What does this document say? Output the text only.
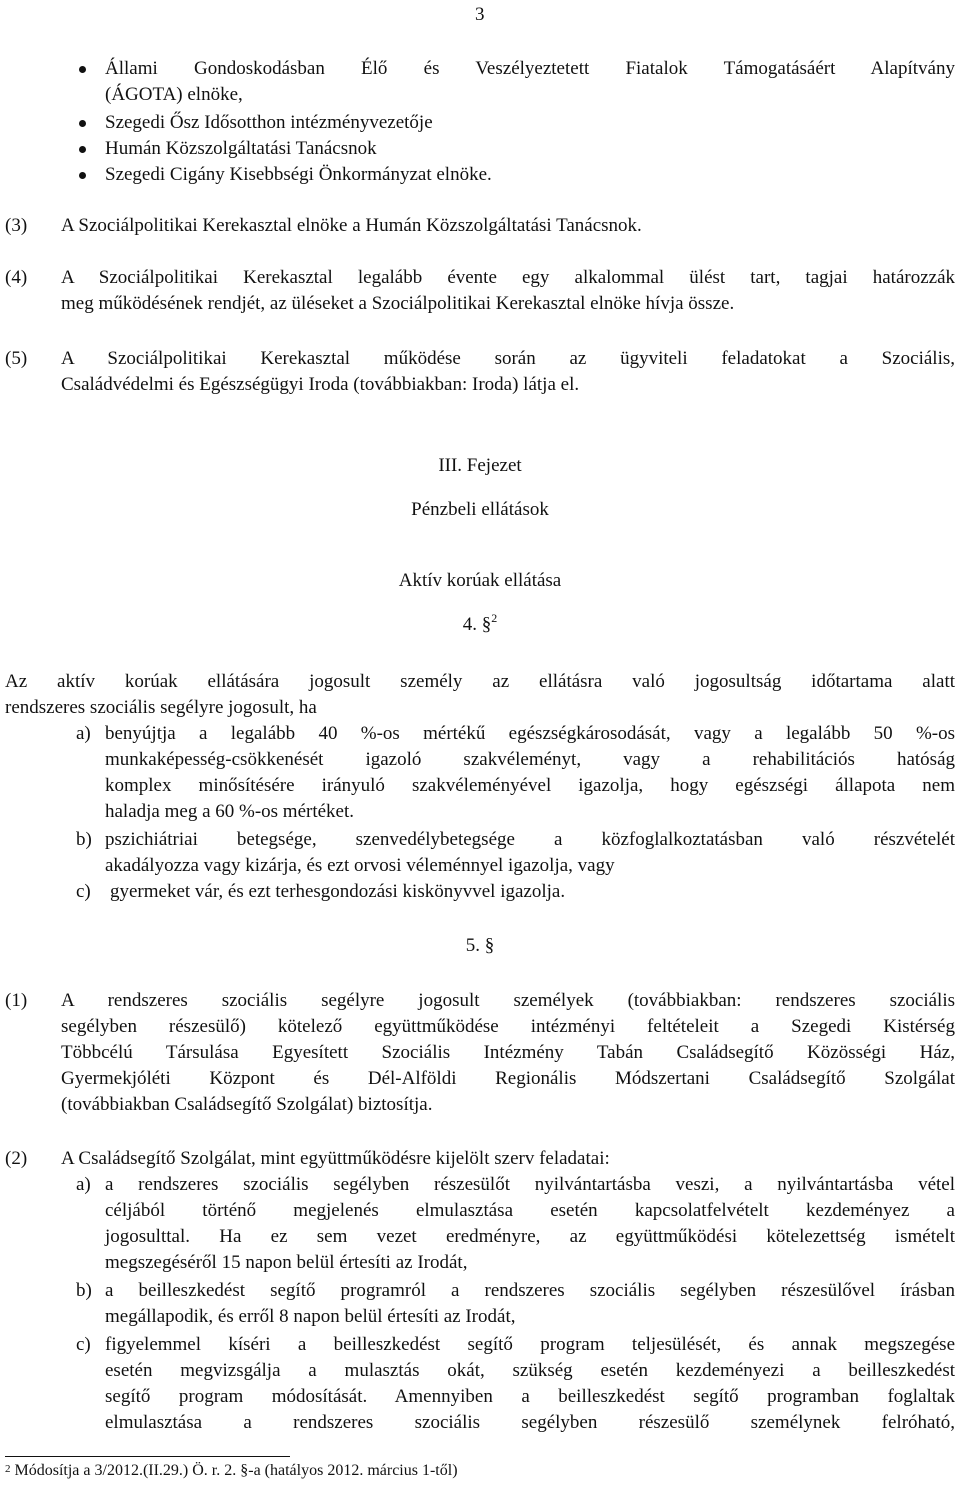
3
Állami Gondoskodásban Élő és Veszélyeztetett Fiatalok Támogatásáért Alapítvány
(ÁGOTA) elnöke,
Szegedi Ősz Idősotthon intézményvezetője
Humán Közszolgáltatási Tanácsnok
Szegedi Cigány Kisebbségi Önkormányzat elnöke.
(3) A Szociálpolitikai Kerekasztal elnöke a Humán Közszolgáltatási Tanácsnok.
(4) A Szociálpolitikai Kerekasztal legalább évente egy alkalommal ülést tart, tagjai határozzák
meg működésének rendjét, az üléseket a Szociálpolitikai Kerekasztal elnöke hívja össze.
(5) A Szociálpolitikai Kerekasztal működése során az ügyviteli feladatokat a Szociális,
Családvédelmi és Egészségügyi Iroda (továbbiakban: Iroda) látja el.
III. Fejezet
Pénzbeli ellátások
Aktív korúak ellátása
4. §$^2$
Az aktív korúak ellátására jogosult személy az ellátásra való jogosultság időtartama alatt
rendszeres szociális segélyre jogosult, ha
a) benyújtja a legalább 40 %-os mértékű egészségkárosodását, vagy a legalább 50 %-os
munkaképesség-csökkenését igazoló szakvéleményt, vagy a rehabilitációs hatóság
komplex minősítésére irányuló szakvéleményével igazolja, hogy egészségi állapota nem
haladja meg a 60 %-os mértéket.
b) pszichiátriai betegsége, szenvedélybetegsége a közfoglalkoztatásban való részvételét
akadályozza vagy kizárja, és ezt orvosi véleménnyel igazolja, vagy
c) gyermeket vár, és ezt terhesgondozási kiskönyvvel igazolja.
5. §
(1) A rendszeres szociális segélyre jogosult személyek (továbbiakban: rendszeres szociális
segélyben részesülő) kötelező együttműködése intézményi feltételeit a Szegedi Kistérség
Többcélú Társulása Egyesített Szociális Intézmény Tabán Családsegítő Közösségi Ház,
Gyermekjóléti Központ és Dél-Alföldi Regionális Módszertani Családsegítő Szolgálat
(továbbiakban Családsegítő Szolgálat) biztosítja.
(2) A Családsegítő Szolgálat, mint együttműködésre kijelölt szerv feladatai:
a) a rendszeres szociális segélyben részesülőt nyilvántartásba veszi, a nyilvántartásba vétel
céljából történő megjelenés elmulasztása esetén kapcsolatfelvételt kezdeményez a
jogosulttal. Ha ez sem vezet eredményre, az együttműködési kötelezettség ismételt
megszegéséről 15 napon belül értesíti az Irodát,
b) a beilleszkedést segítő programról a rendszeres szociális segélyben részesülővel írásban
megállapodik, és erről 8 napon belül értesíti az Irodát,
c) figyelemmel kíséri a beilleszkedést segítő program teljesülését, és annak megszegése
esetén megvizsgálja a mulasztás okát, szükség esetén kezdeményezi a beilleszkedést
segítő program módosítását. Amennyiben a beilleszkedést segítő programban foglaltak
elmulasztása a rendszeres szociális segélyben részesülő személynek felróható,
$^2$ Módosítja a 3/2012.(II.29.) Ö. r. 2. §-a (hatályos 2012. március 1-től)
